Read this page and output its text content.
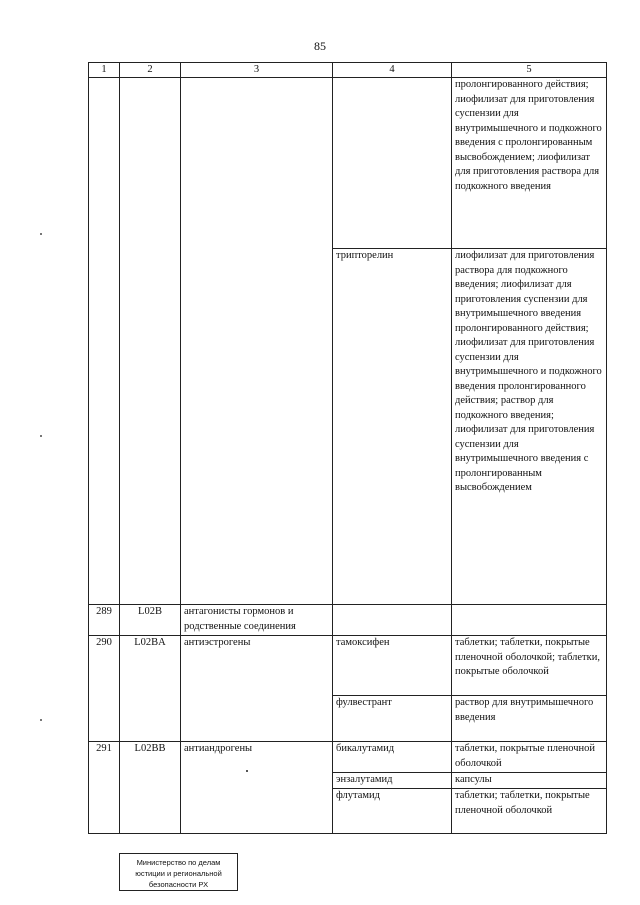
85
1	2	3	4	5
				пролонгированного действия; лиофилизат для приготовления суспензии для внутримышечного и подкожного введения с пролонгированным высвобождением; лиофилизат для приготовления раствора для подкожного введения
			трипторелин	лиофилизат для приготовления раствора для подкожного введения; лиофилизат для приготовления суспензии для внутримышечного введения пролонгированного действия; лиофилизат для приготовления суспензии для внутримышечного и подкожного введения пролонгированного действия; раствор для подкожного введения; лиофилизат для приготовления суспензии для внутримышечного введения с пролонгированным высвобождением
289	L02B	антагонисты гормонов и родственные соединения		
290	L02BA	антиэстрогены	тамоксифен	таблетки; таблетки, покрытые пленочной оболочкой; таблетки, покрытые оболочкой
			фулвестрант	раствор для внутримышечного введения
291	L02BB	антиандрогены	бикалутамид	таблетки, покрытые пленочной оболочкой
			энзалутамид	капсулы
			флутамид	таблетки; таблетки, покрытые пленочной оболочкой
Министерство по делам
юстиции и региональной
безопасности РХ
